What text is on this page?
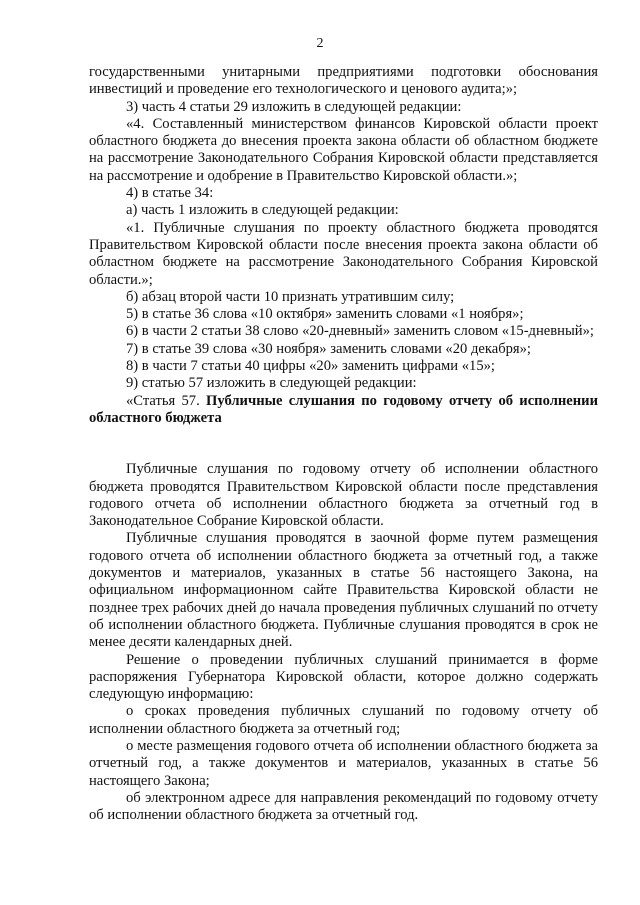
2

государственными унитарными предприятиями подготовки обоснования инвестиций и проведение его технологического и ценового аудита;»;

3) часть 4 статьи 29 изложить в следующей редакции:

«4. Составленный министерством финансов Кировской области проект областного бюджета до внесения проекта закона области об областном бюджете на рассмотрение Законодательного Собрания Кировской области представляется на рассмотрение и одобрение в Правительство Кировской области.»;

4) в статье 34:

а) часть 1 изложить в следующей редакции:

«1. Публичные слушания по проекту областного бюджета проводятся Правительством Кировской области после внесения проекта закона области об областном бюджете на рассмотрение Законодательного Собрания Кировской области.»;

б) абзац второй части 10 признать утратившим силу;

5) в статье 36 слова «10 октября» заменить словами «1 ноября»;

6) в части 2 статьи 38 слово «20-дневный» заменить словом «15-дневный»;

7) в статье 39 слова «30 ноября» заменить словами «20 декабря»;

8) в части 7 статьи 40 цифры «20» заменить цифрами «15»;

9) статью 57 изложить в следующей редакции:

«Статья 57. Публичные слушания по годовому отчету об исполнении областного бюджета

Публичные слушания по годовому отчету об исполнении областного бюджета проводятся Правительством Кировской области после представления годового отчета об исполнении областного бюджета за отчетный год в Законодательное Собрание Кировской области.

Публичные слушания проводятся в заочной форме путем размещения годового отчета об исполнении областного бюджета за отчетный год, а также документов и материалов, указанных в статье 56 настоящего Закона, на официальном информационном сайте Правительства Кировской области не позднее трех рабочих дней до начала проведения публичных слушаний по отчету об исполнении областного бюджета. Публичные слушания проводятся в срок не менее десяти календарных дней.

Решение о проведении публичных слушаний принимается в форме распоряжения Губернатора Кировской области, которое должно содержать следующую информацию:

о сроках проведения публичных слушаний по годовому отчету об исполнении областного бюджета за отчетный год;

о месте размещения годового отчета об исполнении областного бюджета за отчетный год, а также документов и материалов, указанных в статье 56 настоящего Закона;

об электронном адресе для направления рекомендаций по годовому отчету об исполнении областного бюджета за отчетный год.
